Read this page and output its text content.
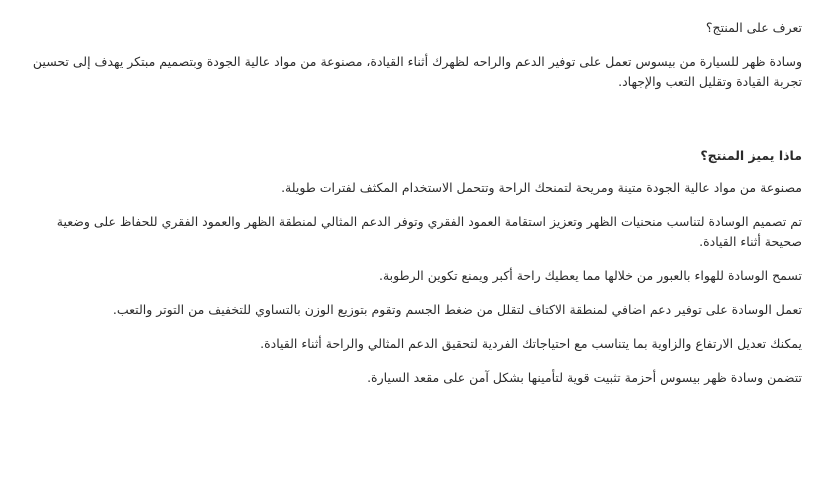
تعرف على المنتج؟

وسادة ظهر للسيارة من بيسوس تعمل على توفير الدعم والراحه لظهرك أثناء القيادة، مصنوعة من مواد عالية الجودة وبتصميم مبتكر يهدف إلى تحسين تجربة القيادة وتقليل التعب والإجهاد.

ماذا يميز المنتج؟

مصنوعة من مواد عالية الجودة متينة ومريحة لتمنحك الراحة وتتحمل الاستخدام المكثف لفترات طويلة.

تم تصميم الوسادة لتناسب منحنيات الظهر وتعزيز استقامة العمود الفقري وتوفر الدعم المثالي لمنطقة الظهر والعمود الفقري للحفاظ على وضعية صحيحة أثناء القيادة.

تسمح الوسادة للهواء بالعبور من خلالها مما يعطيك راحة أكبر ويمنع تكوين الرطوبة.

تعمل الوسادة على توفير دعم اضافي لمنطقة الاكتاف لتقلل من ضغط الجسم وتقوم بتوزيع الوزن بالتساوي للتخفيف من التوتر والتعب.

يمكنك تعديل الارتفاع والزاوية بما يتناسب مع احتياجاتك الفردية لتحقيق الدعم المثالي والراحة أثناء القيادة.

تتضمن وسادة ظهر بيسوس أحزمة تثبيت قوية لتأمينها بشكل آمن على مقعد السيارة.
